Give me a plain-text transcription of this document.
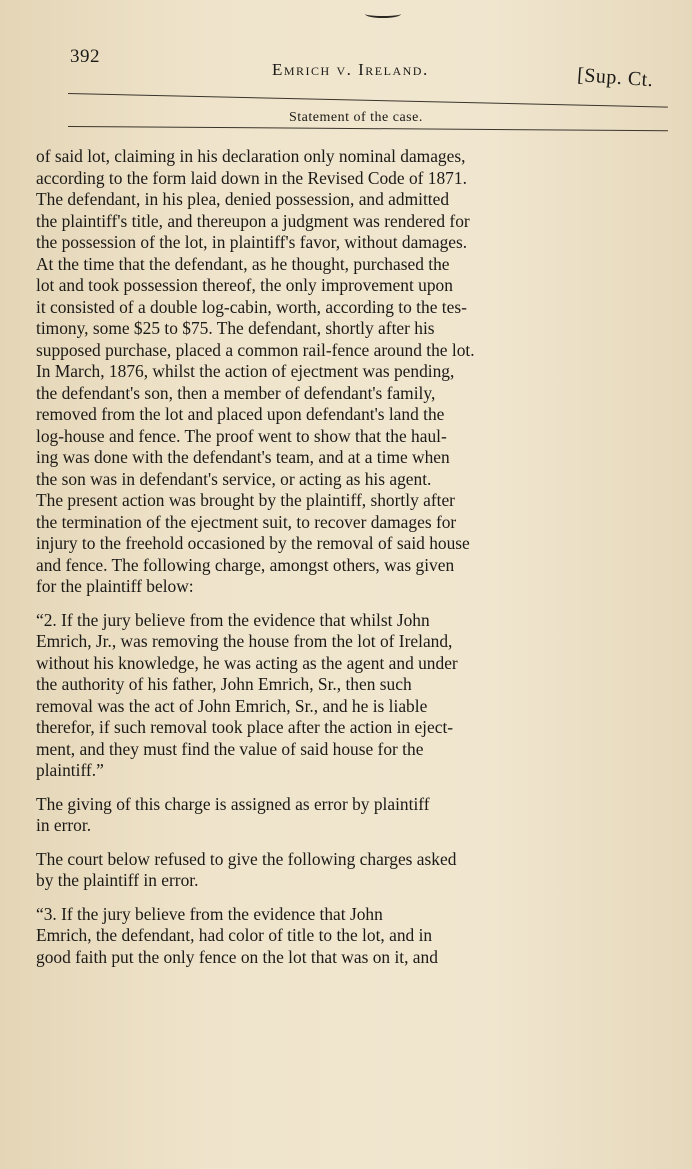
392
Emrich v. Ireland.	[Sup. Ct.
Statement of the case.
of said lot, claiming in his declaration only nominal damages,
according to the form laid down in the Revised Code of 1871.
The defendant, in his plea, denied possession, and admitted
the plaintiff's title, and thereupon a judgment was rendered for
the possession of the lot, in plaintiff's favor, without damages.
At the time that the defendant, as he thought, purchased the
lot and took possession thereof, the only improvement upon
it consisted of a double log-cabin, worth, according to the tes-
timony, some $25 to $75. The defendant, shortly after his
supposed purchase, placed a common rail-fence around the lot.
In March, 1876, whilst the action of ejectment was pending,
the defendant's son, then a member of defendant's family,
removed from the lot and placed upon defendant's land the
log-house and fence. The proof went to show that the haul-
ing was done with the defendant's team, and at a time when
the son was in defendant's service, or acting as his agent.
The present action was brought by the plaintiff, shortly after
the termination of the ejectment suit, to recover damages for
injury to the freehold occasioned by the removal of said house
and fence. The following charge, amongst others, was given
for the plaintiff below:
“2. If the jury believe from the evidence that whilst John
Emrich, Jr., was removing the house from the lot of Ireland,
without his knowledge, he was acting as the agent and under
the authority of his father, John Emrich, Sr., then such
removal was the act of John Emrich, Sr., and he is liable
therefor, if such removal took place after the action in eject-
ment, and they must find the value of said house for the
plaintiff.”
The giving of this charge is assigned as error by plaintiff
in error.
The court below refused to give the following charges asked
by the plaintiff in error.
“3. If the jury believe from the evidence that John
Emrich, the defendant, had color of title to the lot, and in
good faith put the only fence on the lot that was on it, and
